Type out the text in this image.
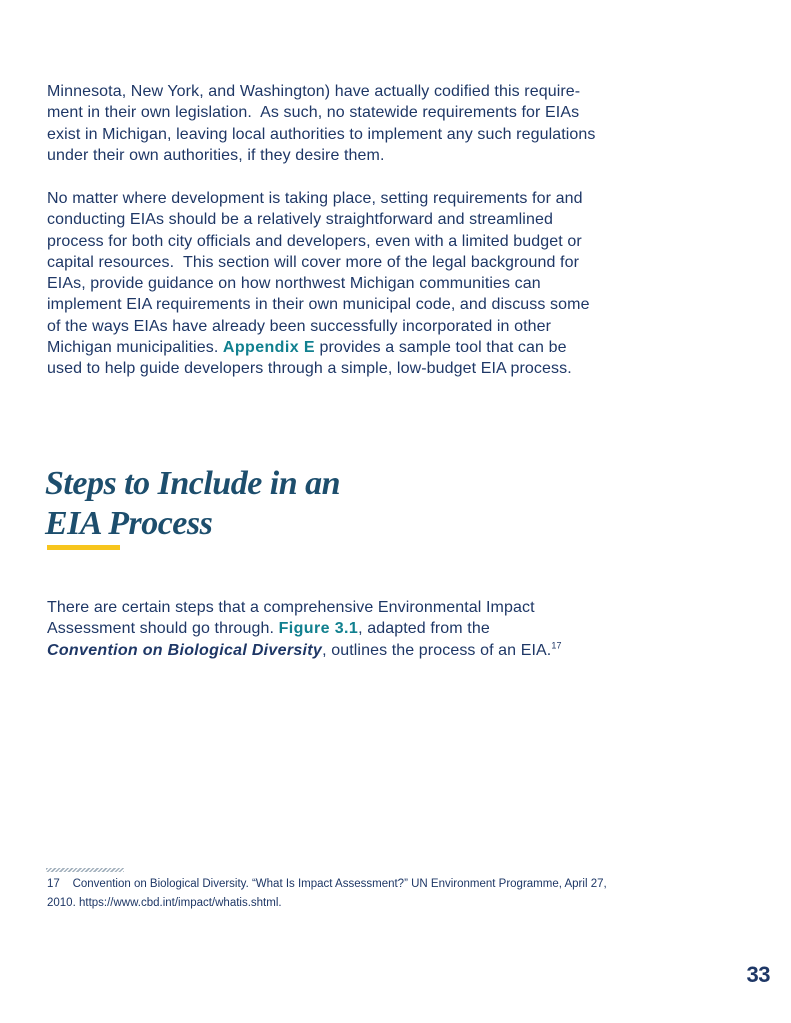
Minnesota, New York, and Washington) have actually codified this require-
ment in their own legislation.  As such, no statewide requirements for EIAs
exist in Michigan, leaving local authorities to implement any such regulations
under their own authorities, if they desire them.

No matter where development is taking place, setting requirements for and
conducting EIAs should be a relatively straightforward and streamlined
process for both city officials and developers, even with a limited budget or
capital resources.  This section will cover more of the legal background for
EIAs, provide guidance on how northwest Michigan communities can
implement EIA requirements in their own municipal code, and discuss some
of the ways EIAs have already been successfully incorporated in other
Michigan municipalities. Appendix E provides a sample tool that can be
used to help guide developers through a simple, low-budget EIA process.

Steps to Include in an
EIA Process

There are certain steps that a comprehensive Environmental Impact
Assessment should go through. Figure 3.1, adapted from the
Convention on Biological Diversity, outlines the process of an EIA.$^{17}$

17    Convention on Biological Diversity. “What Is Impact Assessment?” UN Environment Programme, April 27,
2010. https://www.cbd.int/impact/whatis.shtml.

33
